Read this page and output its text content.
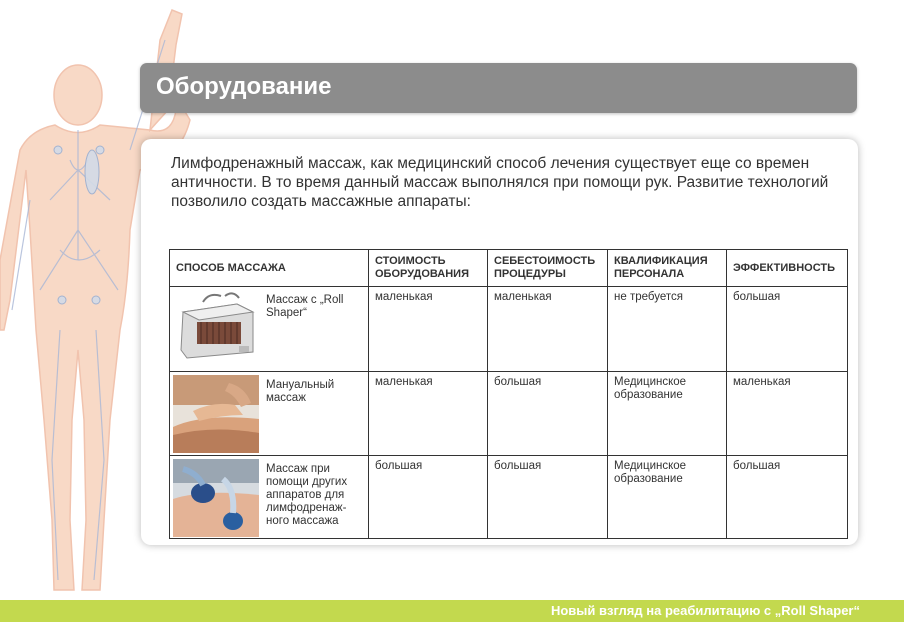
Оборудование
Лимфодренажный массаж, как медицинский способ лечения существует еще со времен античности. В то время данный массаж выполнялся при помощи рук. Развитие технологий позволило создать массажные аппараты:
СПОСОБ МАССАЖА	СТОИМОСТЬ ОБОРУДОВАНИЯ	СЕБЕСТОИМОСТЬ ПРОЦЕДУРЫ	КВАЛИФИКАЦИЯ ПЕРСОНАЛА	ЭФФЕКТИВНОСТЬ

Массаж с „Roll Shaper“	маленькая	маленькая	не требуется	большая

Мануальный массаж	маленькая	большая	Медицинское образование	маленькая

Массаж при помощи других аппаратов для лимфодренаж-ного массажа	большая	большая	Медицинское образование	большая
Новый взгляд на реабилитацию с „Roll Shaper“
